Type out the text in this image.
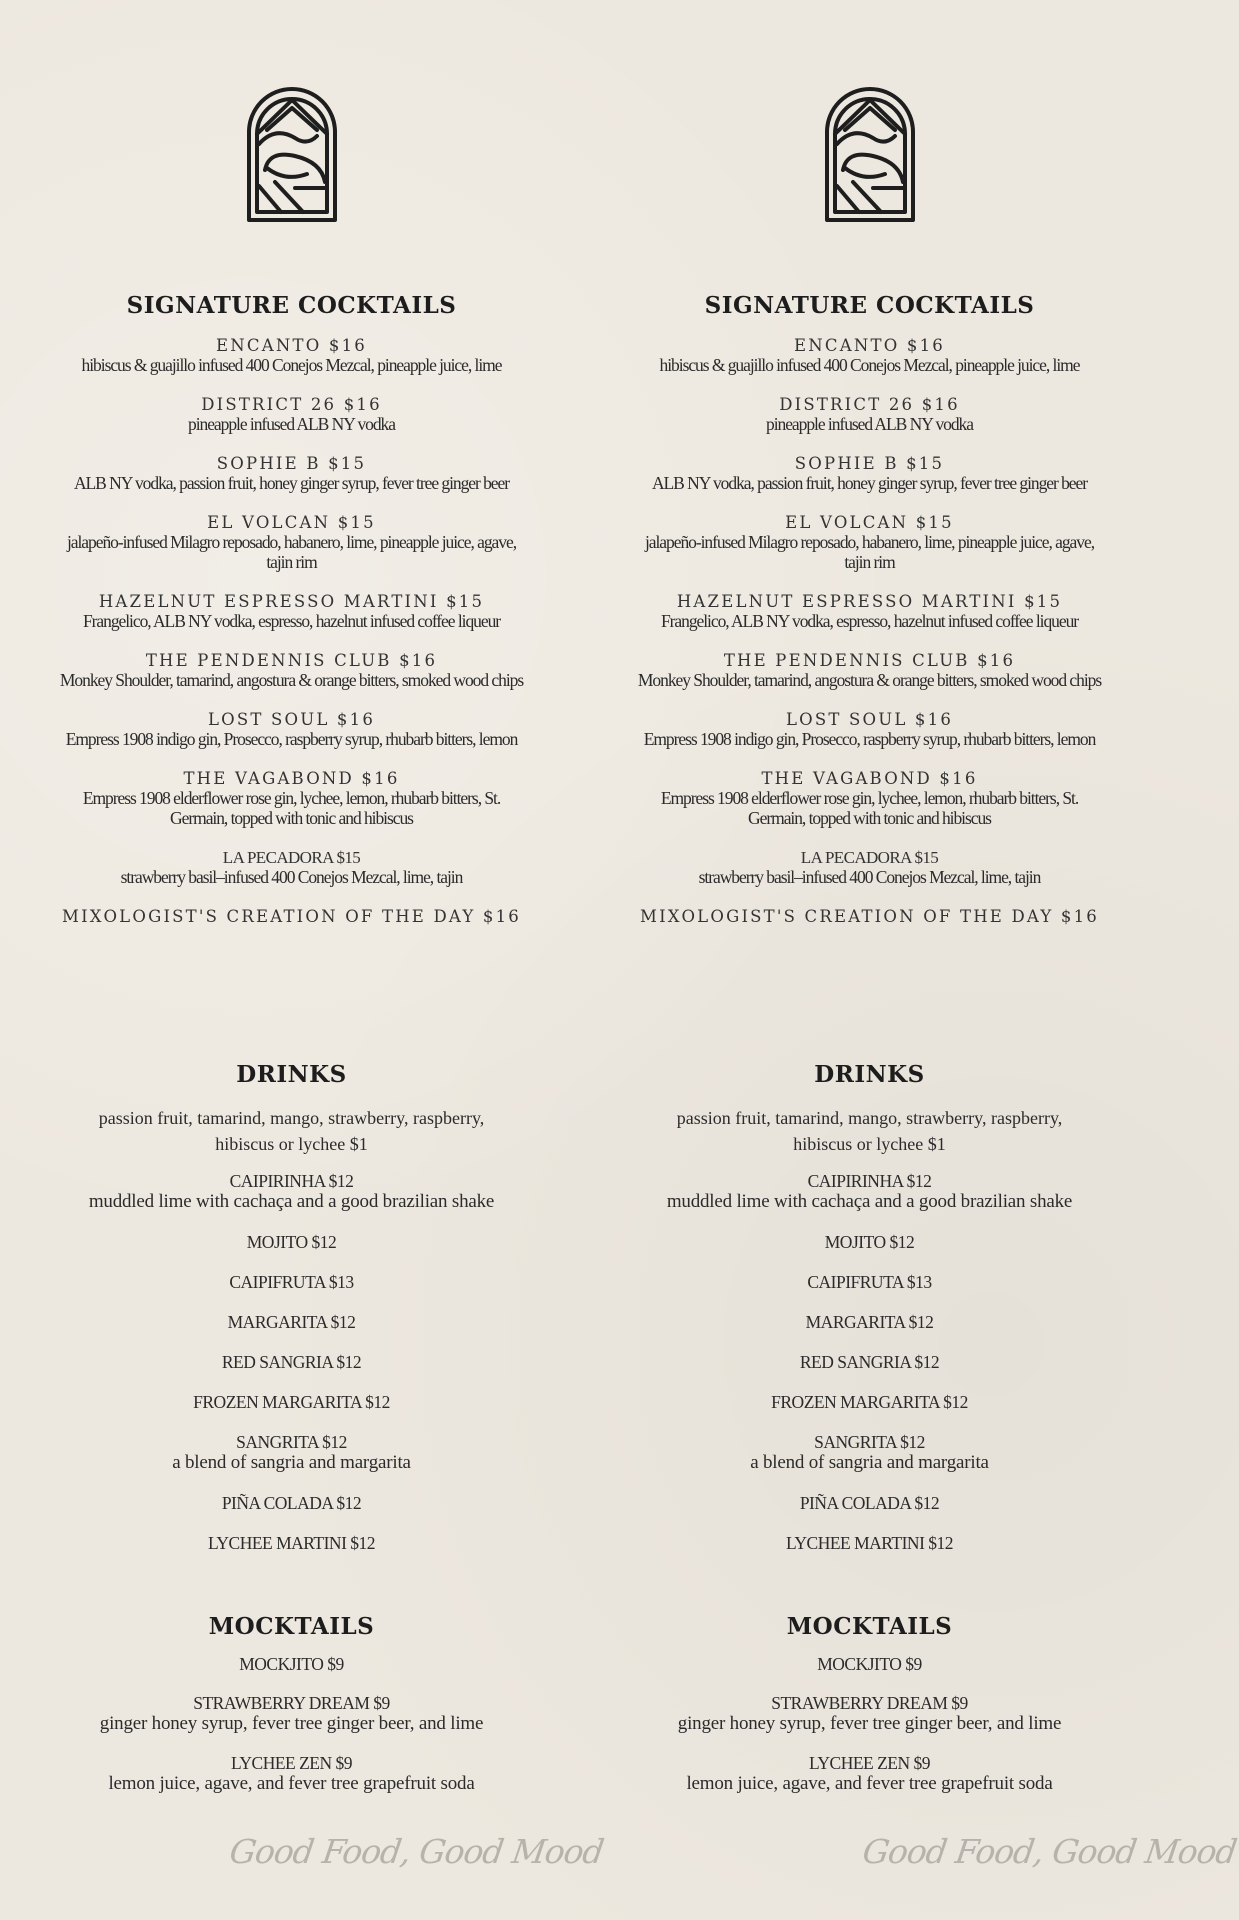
SIGNATURE COCKTAILS
ENCANTO $16
hibiscus & guajillo infused 400 Conejos Mezcal, pineapple juice, lime
DISTRICT 26 $16
pineapple infused ALB NY vodka
SOPHIE B $15
ALB NY vodka, passion fruit, honey ginger syrup, fever tree ginger beer
EL VOLCAN $15
jalapeño-infused Milagro reposado, habanero, lime, pineapple juice, agave, tajin rim
HAZELNUT ESPRESSO MARTINI $15
Frangelico, ALB NY vodka, espresso, hazelnut infused coffee liqueur
THE PENDENNIS CLUB $16
Monkey Shoulder, tamarind, angostura & orange bitters, smoked wood chips
LOST SOUL $16
Empress 1908 indigo gin, Prosecco, raspberry syrup, rhubarb bitters, lemon
THE VAGABOND $16
Empress 1908 elderflower rose gin, lychee, lemon, rhubarb bitters, St. Germain, topped with tonic and hibiscus
LA PECADORA $15
strawberry basil–infused 400 Conejos Mezcal, lime, tajin
MIXOLOGIST'S CREATION OF THE DAY $16
DRINKS
passion fruit, tamarind, mango, strawberry, raspberry, hibiscus or lychee $1
CAIPIRINHA $12
muddled lime with cachaça and a good brazilian shake
MOJITO $12
CAIPIFRUTA $13
MARGARITA $12
RED SANGRIA $12
FROZEN MARGARITA $12
SANGRITA $12
a blend of sangria and margarita
PIÑA COLADA $12
LYCHEE MARTINI $12
MOCKTAILS
MOCKJITO $9
STRAWBERRY DREAM $9
ginger honey syrup, fever tree ginger beer, and lime
LYCHEE ZEN $9
lemon juice, agave, and fever tree grapefruit soda
Good Food, Good Mood
SIGNATURE COCKTAILS
ENCANTO $16
hibiscus & guajillo infused 400 Conejos Mezcal, pineapple juice, lime
DISTRICT 26 $16
pineapple infused ALB NY vodka
SOPHIE B $15
ALB NY vodka, passion fruit, honey ginger syrup, fever tree ginger beer
EL VOLCAN $15
jalapeño-infused Milagro reposado, habanero, lime, pineapple juice, agave, tajin rim
HAZELNUT ESPRESSO MARTINI $15
Frangelico, ALB NY vodka, espresso, hazelnut infused coffee liqueur
THE PENDENNIS CLUB $16
Monkey Shoulder, tamarind, angostura & orange bitters, smoked wood chips
LOST SOUL $16
Empress 1908 indigo gin, Prosecco, raspberry syrup, rhubarb bitters, lemon
THE VAGABOND $16
Empress 1908 elderflower rose gin, lychee, lemon, rhubarb bitters, St. Germain, topped with tonic and hibiscus
LA PECADORA $15
strawberry basil–infused 400 Conejos Mezcal, lime, tajin
MIXOLOGIST'S CREATION OF THE DAY $16
DRINKS
passion fruit, tamarind, mango, strawberry, raspberry, hibiscus or lychee $1
CAIPIRINHA $12
muddled lime with cachaça and a good brazilian shake
MOJITO $12
CAIPIFRUTA $13
MARGARITA $12
RED SANGRIA $12
FROZEN MARGARITA $12
SANGRITA $12
a blend of sangria and margarita
PIÑA COLADA $12
LYCHEE MARTINI $12
MOCKTAILS
MOCKJITO $9
STRAWBERRY DREAM $9
ginger honey syrup, fever tree ginger beer, and lime
LYCHEE ZEN $9
lemon juice, agave, and fever tree grapefruit soda
Good Food, Good Mood
